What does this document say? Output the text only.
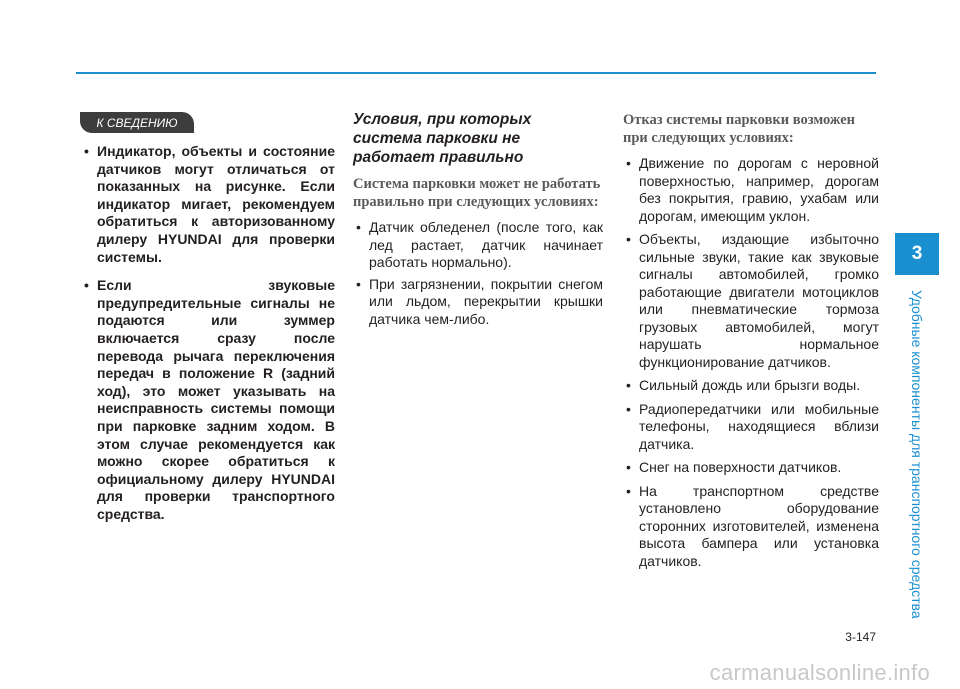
3
Удобные компоненты для транспортного средства
К СВЕДЕНИЮ
• Индикатор, объекты и состояние датчиков могут отличаться от показанных на рисунке. Если индикатор мигает, рекомендуем обратиться к авторизованному дилеру HYUNDAI для проверки системы.
• Если звуковые предупредительные сигналы не подаются или зуммер включается сразу после перевода рычага переключения передач в положение R (задний ход), это может указывать на неисправность системы помощи при парковке задним ходом. В этом случае рекомендуется как можно скорее обратиться к официальному дилеру HYUNDAI для проверки транспортного средства.
Условия, при которых система парковки не работает правильно
Система парковки может не работать правильно при следующих условиях:
• Датчик обледенел (после того, как лед растает, датчик начинает работать нормально).
• При загрязнении, покрытии снегом или льдом, перекрытии крышки датчика чем-либо.
Отказ системы парковки возможен при следующих условиях:
• Движение по дорогам с неровной поверхностью, например, дорогам без покрытия, гравию, ухабам или дорогам, имеющим уклон.
• Объекты, издающие избыточно сильные звуки, такие как звуковые сигналы автомобилей, громко работающие двигатели мотоциклов или пневматические тормоза грузовых автомобилей, могут нарушать нормальное функционирование датчиков.
• Сильный дождь или брызги воды.
• Радиопередатчики или мобильные телефоны, находящиеся вблизи датчика.
• Снег на поверхности датчиков.
• На транспортном средстве установлено оборудование сторонних изготовителей, изменена высота бампера или установка датчиков.
3-147
carmanualsonline.info
